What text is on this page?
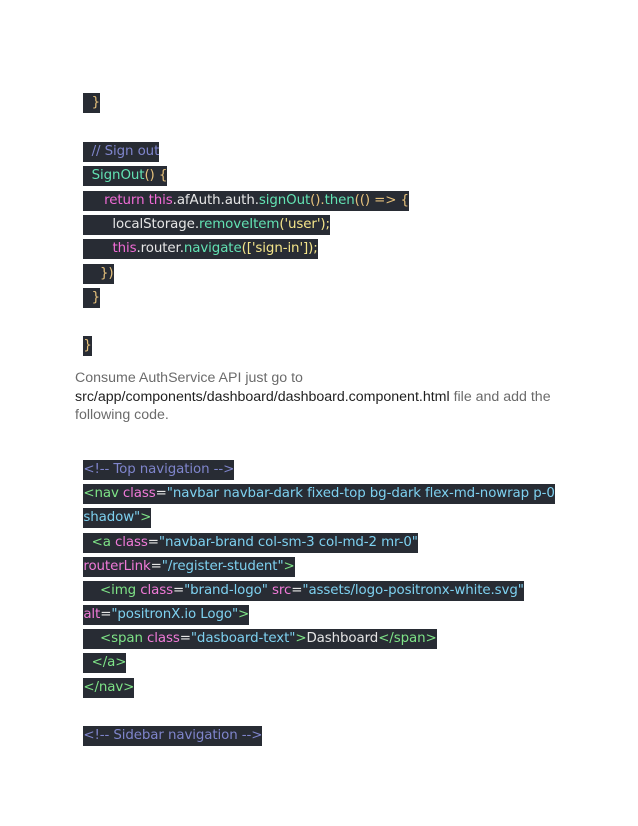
}

// Sign out

SignOut() {

return this.afAuth.auth.signOut().then(() => {

localStorage.removeItem('user');

this.router.navigate(['sign-in']);

})

}

}

Consume AuthService API just go to
src/app/components/dashboard/dashboard.component.html file and add the following code.

<!-- Top navigation -->

<nav class="navbar navbar-dark fixed-top bg-dark flex-md-nowrap p-0

shadow">

<a class="navbar-brand col-sm-3 col-md-2 mr-0"

routerLink="/register-student">

<img class="brand-logo" src="assets/logo-positronx-white.svg"

alt="positronX.io Logo">

<span class="dasboard-text">Dashboard</span>

</a>

</nav>

<!-- Sidebar navigation -->
